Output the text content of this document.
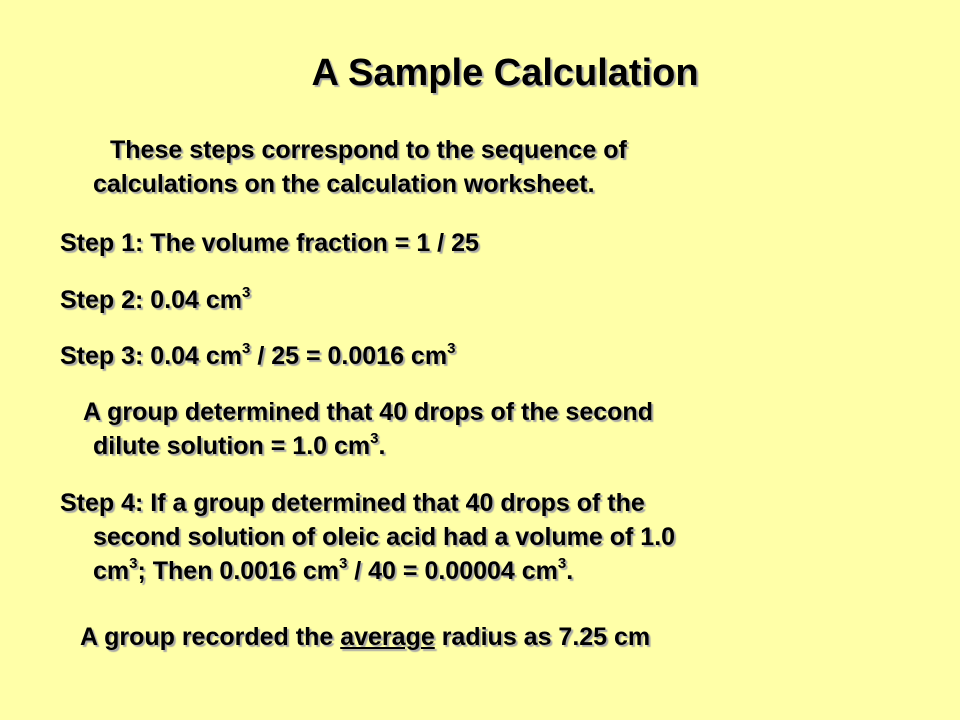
A Sample Calculation
These steps correspond to the sequence of
calculations on the calculation worksheet.
Step 1: The volume fraction = 1 / 25
Step 2: 0.04 $cm^3$
Step 3: 0.04 $cm^3 / 25 = 0.0016$ $cm^3$
A group determined that 40 drops of the second
dilute solution = 1.0 $cm^3$.
Step 4: If a group determined that 40 drops of the
second solution of oleic acid had a volume of 1.0
$cm^3$; Then 0.0016 $cm^3 / 40 = 0.00004$ $cm^3$.
A group recorded the average radius as 7.25 cm
